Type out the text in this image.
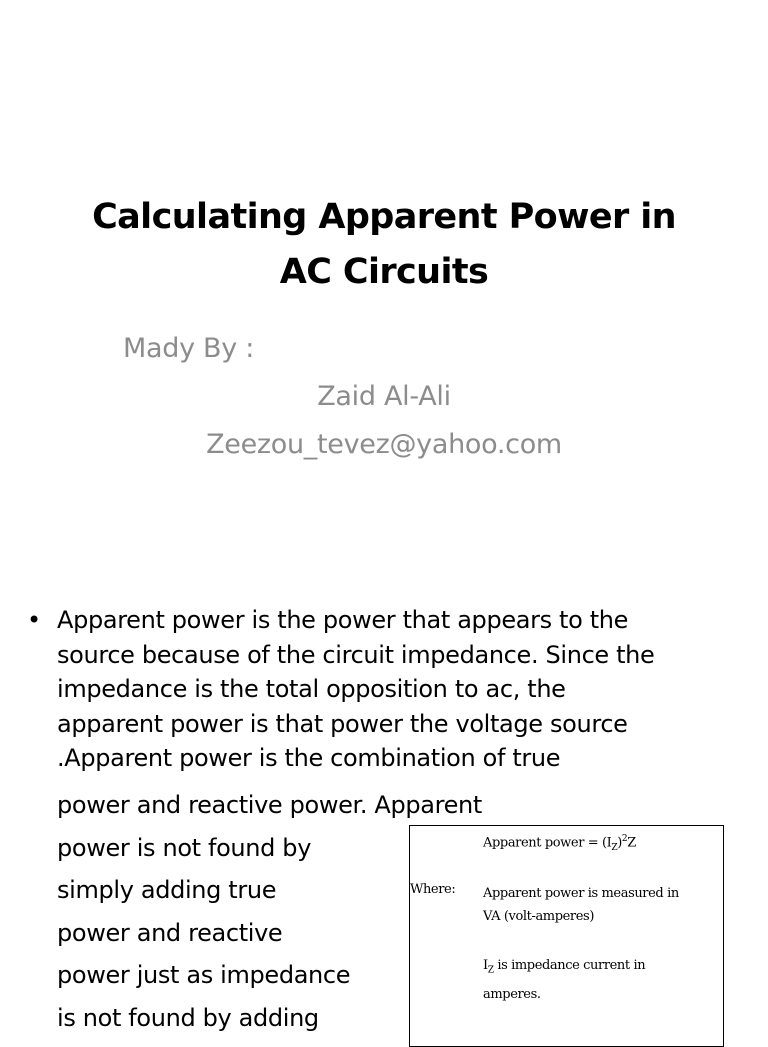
Calculating Apparent Power in
AC Circuits
Mady By :
Zaid Al-Ali
Zeezou_tevez@yahoo.com
• Apparent power is the power that appears to the
source because of the circuit impedance. Since the
impedance is the total opposition to ac, the
apparent power is that power the voltage source
.Apparent power is the combination of true
power and reactive power. Apparent
power is not found by
simply adding true
power and reactive
power just as impedance
is not found by adding
Apparent power = $(I_Z)^2Z$
Where: Apparent power is measured in
VA (volt-amperes)
$I_Z$ is impedance current in
amperes.
